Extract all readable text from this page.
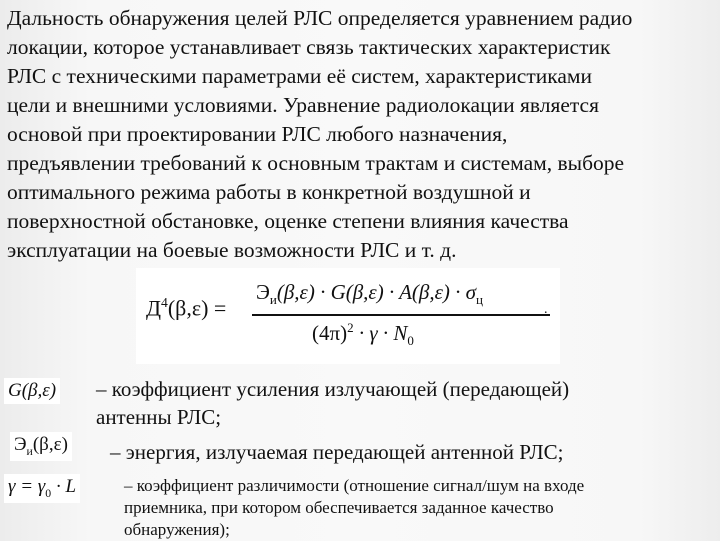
Дальность обнаружения целей РЛС определяется уравнением радио
локации, которое устанавливает связь тактических характеристик
РЛС с техническими параметрами её систем, характеристиками
цели и внешними условиями. Уравнение радиолокации является
основой при проектировании РЛС любого назначения,
предъявлении требований к основным трактам и системам, выборе
оптимального режима работы в конкретной воздушной и
поверхностной обстановке, оценке степени влияния качества
эксплуатации на боевые возможности РЛС и т. д.
$Д^4(\beta,\varepsilon)$ =
$Э_и(\beta,\varepsilon) \cdot G(\beta,\varepsilon) \cdot A(\beta,\varepsilon) \cdot \sigma_ц$
$(4\pi)^2 \cdot \gamma \cdot N_0$
.
G(β,ε) – коэффициент усиления излучающей (передающей)
антенны РЛС;
$Э_и(\beta,\varepsilon)$ – энергия, излучаемая передающей антенной РЛС;
$\gamma = \gamma_0 \cdot L$	– коэффициент различимости (отношение сигнал/шум на входе
приемника, при котором обеспечивается заданное качество
обнаружения);
